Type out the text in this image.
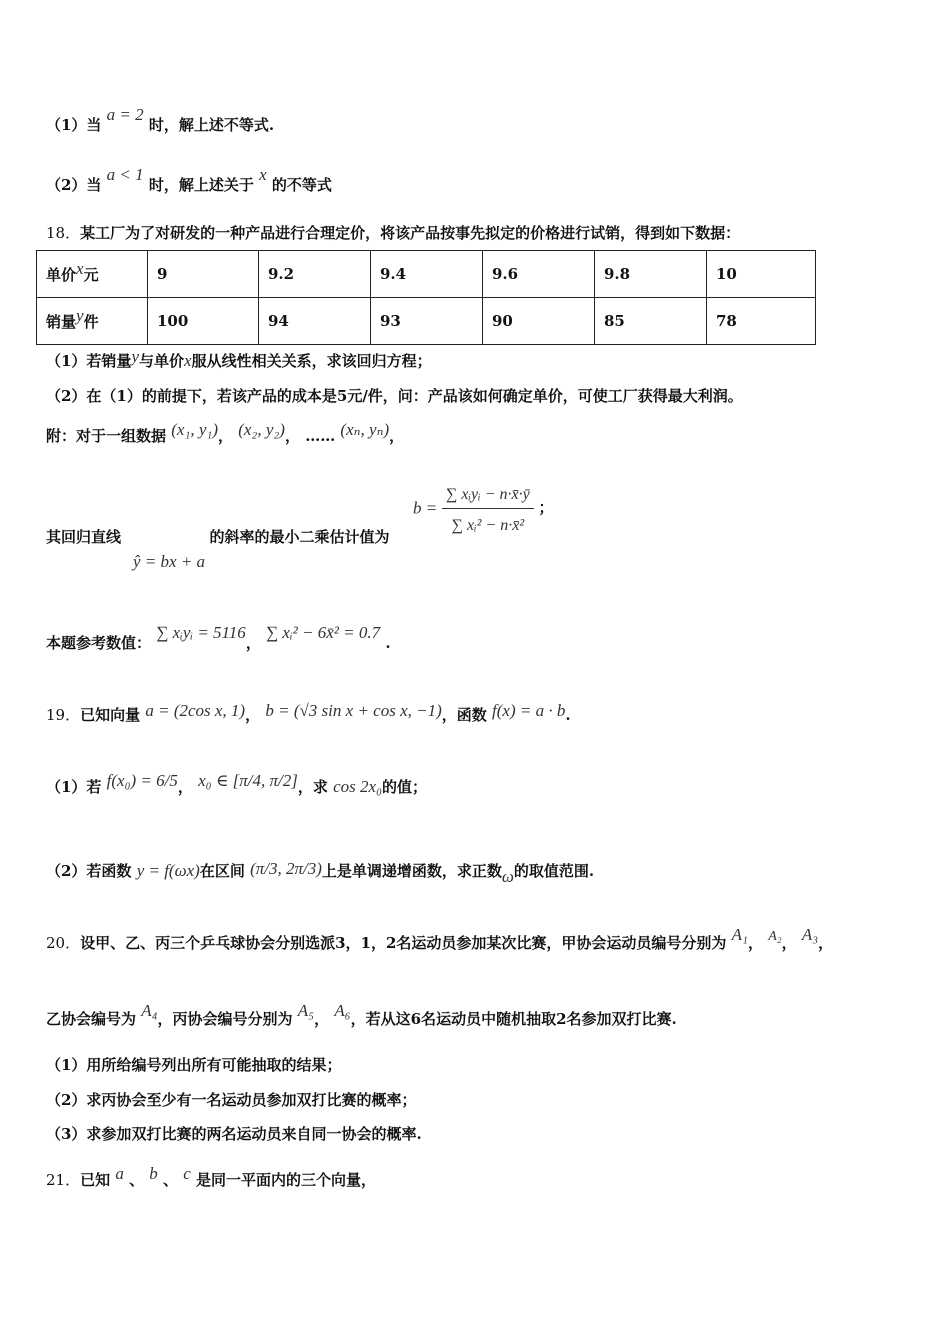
（1）当 a = 2 时，解上述不等式.
（2）当 a < 1 时，解上述关于 x 的不等式
18．某工厂为了对研发的一种产品进行合理定价，将该产品按事先拟定的价格进行试销，得到如下数据：
单价x元	9	9.2	9.4	9.6	9.8	10
销量y件	100	94	93	90	85	78
（1）若销量y与单价x服从线性相关关系，求该回归方程；
（2）在（1）的前提下，若该产品的成本是5元/件，问：产品该如何确定单价，可使工厂获得最大利润。
附：对于一组数据 (x₁, y₁)， (x₂, y₂)， …… (xₙ, yₙ)，
其回归直线	的斜率的最小二乘估计值为
ŷ = bx + a
$b = \frac{\text{∑ xᵢyᵢ − n·x̄·ȳ}}{\text{∑ xᵢ² − n·x̄²}}$ ；
本题参考数值： ∑ xᵢyᵢ = 5116， ∑ xᵢ² − 6x̄² = 0.7 .
19．已知向量 a = (2cos x, 1)， b = (√3 sin x + cos x, −1)，函数 f(x) = a · b.
（1）若 f(x₀) = 6/5， x₀ ∈ [π/4, π/2]，求 cos 2x₀的值；
（2）若函数 y = f(ωx)在区间 (π/3, 2π/3)上是单调递增函数，求正数ω的取值范围.
20．设甲、乙、丙三个乒乓球协会分别选派3，1，2名运动员参加某次比赛，甲协会运动员编号分别为 A₁， A₂， A₃，
乙协会编号为 A₄，丙协会编号分别为 A₅， A₆，若从这6名运动员中随机抽取2名参加双打比赛.
（1）用所给编号列出所有可能抽取的结果；
（2）求丙协会至少有一名运动员参加双打比赛的概率；
（3）求参加双打比赛的两名运动员来自同一协会的概率.
21．已知 a 、 b 、 c 是同一平面内的三个向量，
